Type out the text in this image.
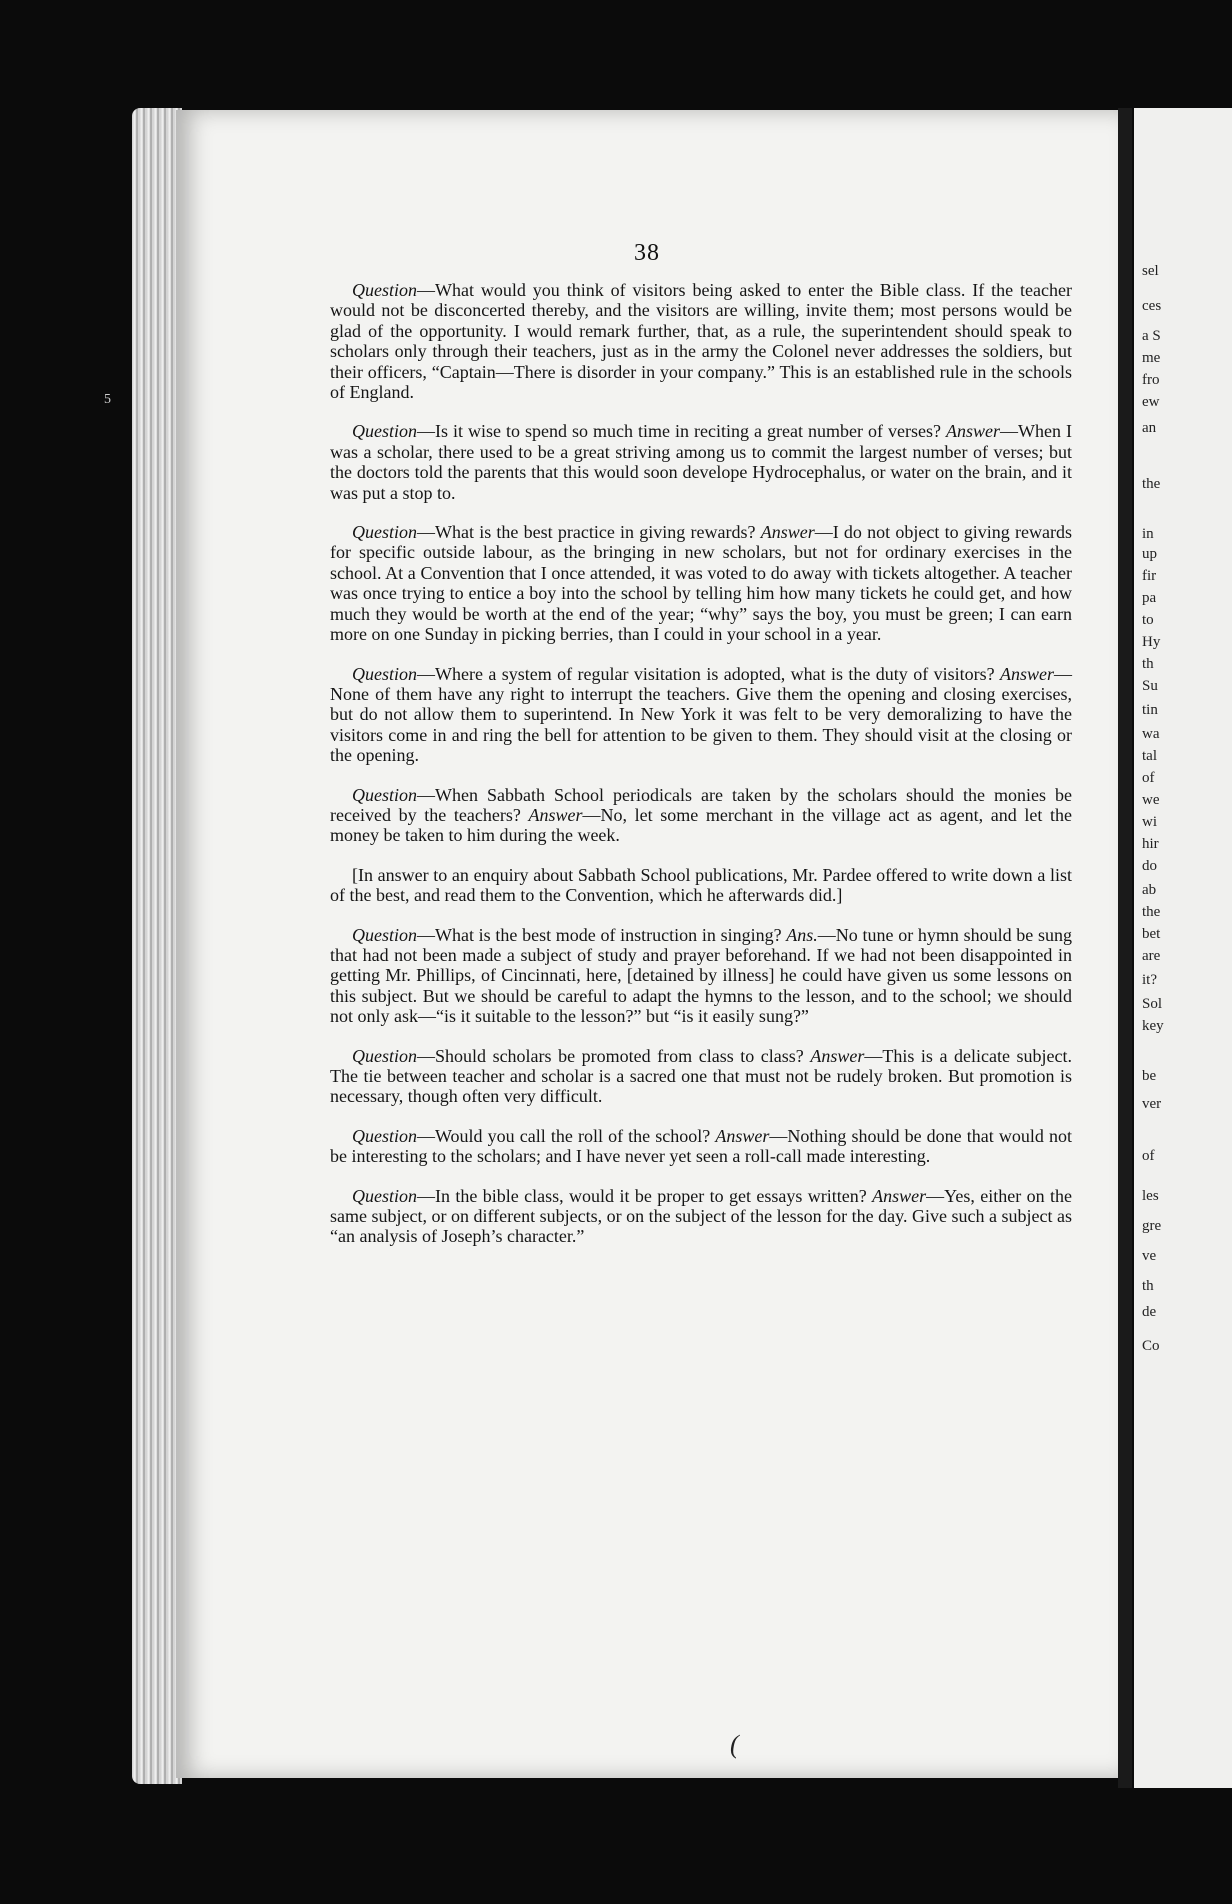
38

Question—What would you think of visitors being asked to enter the Bible class. If the teacher would not be disconcerted thereby, and the visitors are willing, invite them; most persons would be glad of the opportunity. I would remark further, that, as a rule, the superintendent should speak to scholars only through their teachers, just as in the army the Colonel never addresses the soldiers, but their officers, “Captain—There is disorder in your company.” This is an established rule in the schools of England.

Question—Is it wise to spend so much time in reciting a great number of verses? Answer—When I was a scholar, there used to be a great striving among us to commit the largest number of verses; but the doctors told the parents that this would soon develope Hydrocephalus, or water on the brain, and it was put a stop to.

Question—What is the best practice in giving rewards? Answer—I do not object to giving rewards for specific outside labour, as the bringing in new scholars, but not for ordinary exercises in the school. At a Convention that I once attended, it was voted to do away with tickets altogether. A teacher was once trying to entice a boy into the school by telling him how many tickets he could get, and how much they would be worth at the end of the year; “why” says the boy, you must be green; I can earn more on one Sunday in picking berries, than I could in your school in a year.

Question—Where a system of regular visitation is adopted, what is the duty of visitors? Answer—None of them have any right to interrupt the teachers. Give them the opening and closing exercises, but do not allow them to superintend. In New York it was felt to be very demoralizing to have the visitors come in and ring the bell for attention to be given to them. They should visit at the closing or the opening.

Question—When Sabbath School periodicals are taken by the scholars should the monies be received by the teachers? Answer—No, let some merchant in the village act as agent, and let the money be taken to him during the week.

[In answer to an enquiry about Sabbath School publications, Mr. Pardee offered to write down a list of the best, and read them to the Convention, which he afterwards did.]

Question—What is the best mode of instruction in singing? Ans.—No tune or hymn should be sung that had not been made a subject of study and prayer beforehand. If we had not been disappointed in getting Mr. Phillips, of Cincinnati, here, [detained by illness] he could have given us some lessons on this subject. But we should be careful to adapt the hymns to the lesson, and to the school; we should not only ask—“is it suitable to the lesson?” but “is it easily sung?”

Question—Should scholars be promoted from class to class? Answer—This is a delicate subject. The tie between teacher and scholar is a sacred one that must not be rudely broken. But promotion is necessary, though often very difficult.

Question—Would you call the roll of the school? Answer—Nothing should be done that would not be interesting to the scholars; and I have never yet seen a roll-call made interesting.

Question—In the bible class, would it be proper to get essays written? Answer—Yes, either on the same subject, or on different subjects, or on the subject of the lesson for the day. Give such a subject as “an analysis of Joseph’s character.”

(
sel
ces
a S
me
fro
ew
an
the
in
up
fir
pa
to
Hy
th
Su
tin
wa
tal
of
we
wi
hir
do
ab
the
bet
are
it?
Sol
key
be
ver
of
les
gre
ve
th
de
Co
5
